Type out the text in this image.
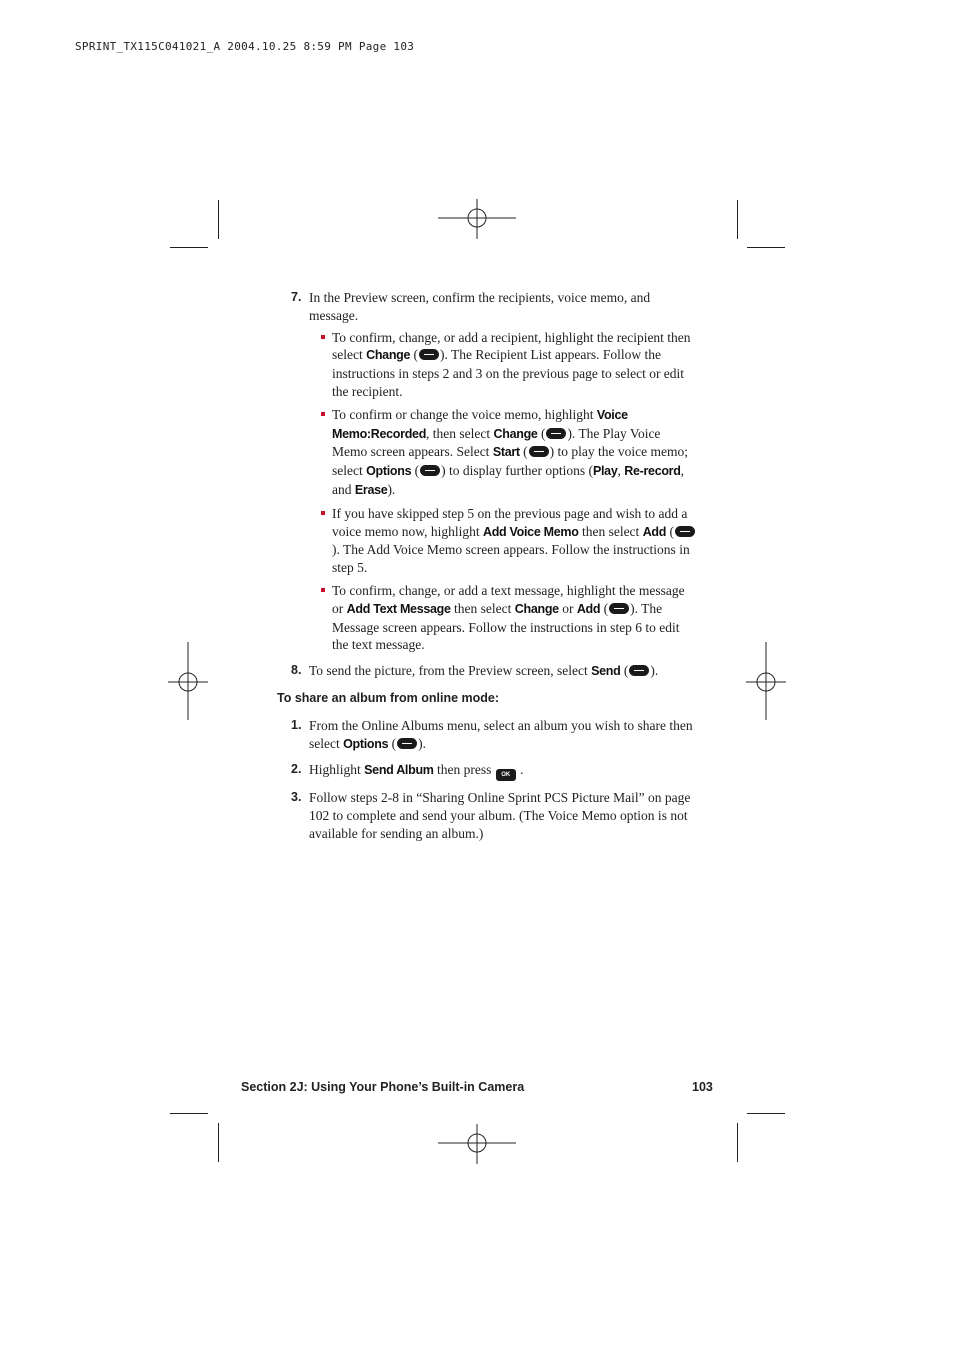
SPRINT_TX115C041021_A 2004.10.25 8:59 PM Page 103
7. In the Preview screen, confirm the recipients, voice memo, and message.
To confirm, change, or add a recipient, highlight the recipient then select Change ( ). The Recipient List appears. Follow the instructions in steps 2 and 3 on the previous page to select or edit the recipient.
To confirm or change the voice memo, highlight Voice Memo:Recorded, then select Change ( ). The Play Voice Memo screen appears. Select Start ( ) to play the voice memo; select Options ( ) to display further options (Play, Re-record, and Erase).
If you have skipped step 5 on the previous page and wish to add a voice memo now, highlight Add Voice Memo then select Add (). The Add Voice Memo screen appears. Follow the instructions in step 5.
To confirm, change, or add a text message, highlight the message or Add Text Message then select Change or Add ( ). The Message screen appears. Follow the instructions in step 6 to edit the text message.
8. To send the picture, from the Preview screen, select Send ( ).
To share an album from online mode:
1. From the Online Albums menu, select an album you wish to share then select Options ( ).
2. Highlight Send Album then press OK .
3. Follow steps 2-8 in “Sharing Online Sprint PCS Picture Mail” on page 102 to complete and send your album. (The Voice Memo option is not available for sending an album.)
Section 2J: Using Your Phone’s Built-in Camera	103
